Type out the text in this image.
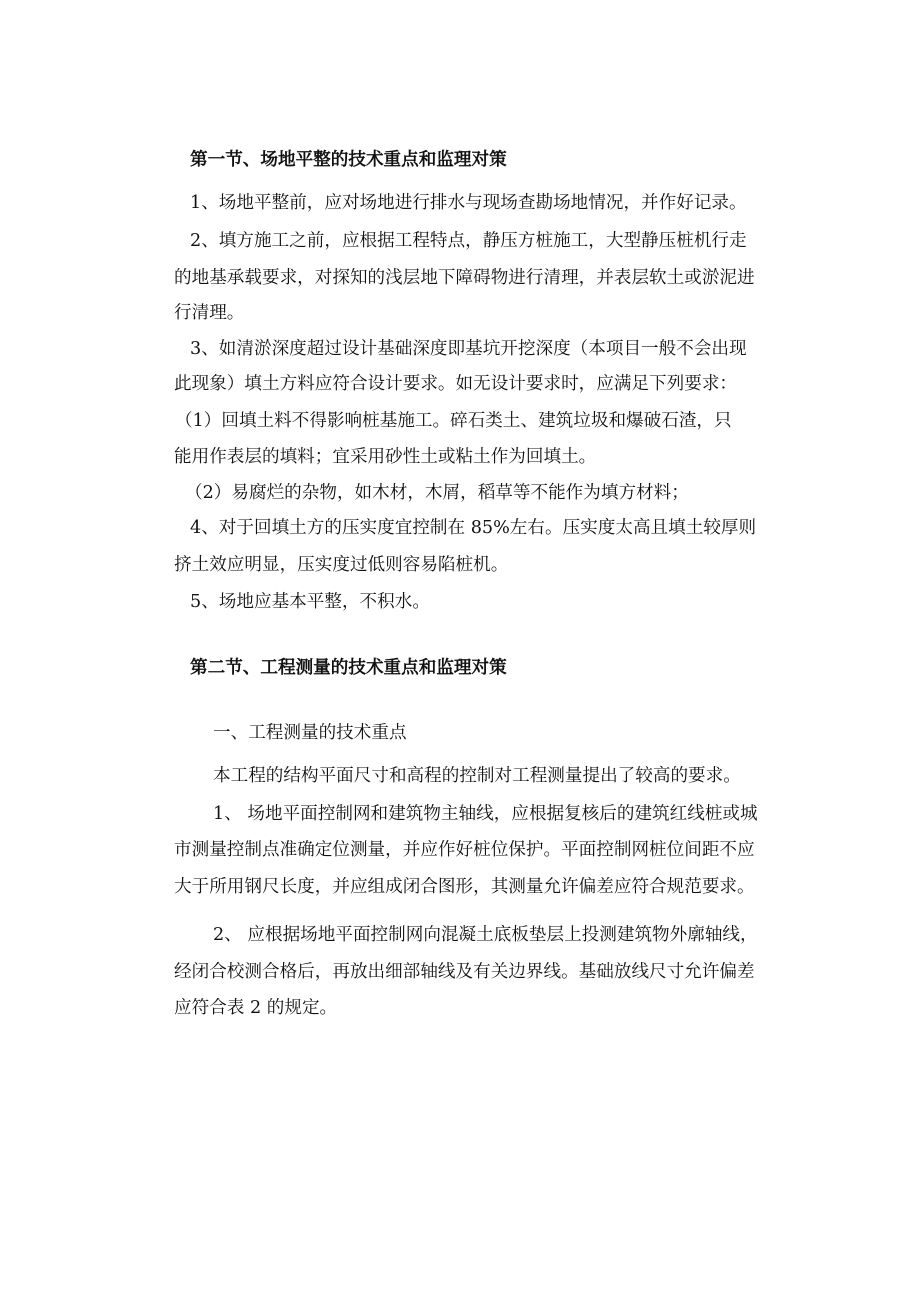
第一节、场地平整的技术重点和监理对策
1、场地平整前，应对场地进行排水与现场查勘场地情况，并作好记录。
2、填方施工之前，应根据工程特点，静压方桩施工，大型静压桩机行走
的地基承载要求，对探知的浅层地下障碍物进行清理，并表层软土或淤泥进
行清理。
3、如清淤深度超过设计基础深度即基坑开挖深度（本项目一般不会出现
此现象）填土方料应符合设计要求。如无设计要求时，应满足下列要求：
（1）回填土料不得影响桩基施工。碎石类土、建筑垃圾和爆破石渣，只
能用作表层的填料；宜采用砂性土或粘土作为回填土。
（2）易腐烂的杂物，如木材，木屑，稻草等不能作为填方材料；
4、对于回填土方的压实度宜控制在 85%左右。压实度太高且填土较厚则
挤土效应明显，压实度过低则容易陷桩机。
5、场地应基本平整，不积水。
第二节、工程测量的技术重点和监理对策
一、工程测量的技术重点
本工程的结构平面尺寸和高程的控制对工程测量提出了较高的要求。
1、 场地平面控制网和建筑物主轴线，应根据复核后的建筑红线桩或城
市测量控制点准确定位测量，并应作好桩位保护。平面控制网桩位间距不应
大于所用钢尺长度，并应组成闭合图形，其测量允许偏差应符合规范要求。
2、 应根据场地平面控制网向混凝土底板垫层上投测建筑物外廓轴线，
经闭合校测合格后，再放出细部轴线及有关边界线。基础放线尺寸允许偏差
应符合表 2 的规定。
